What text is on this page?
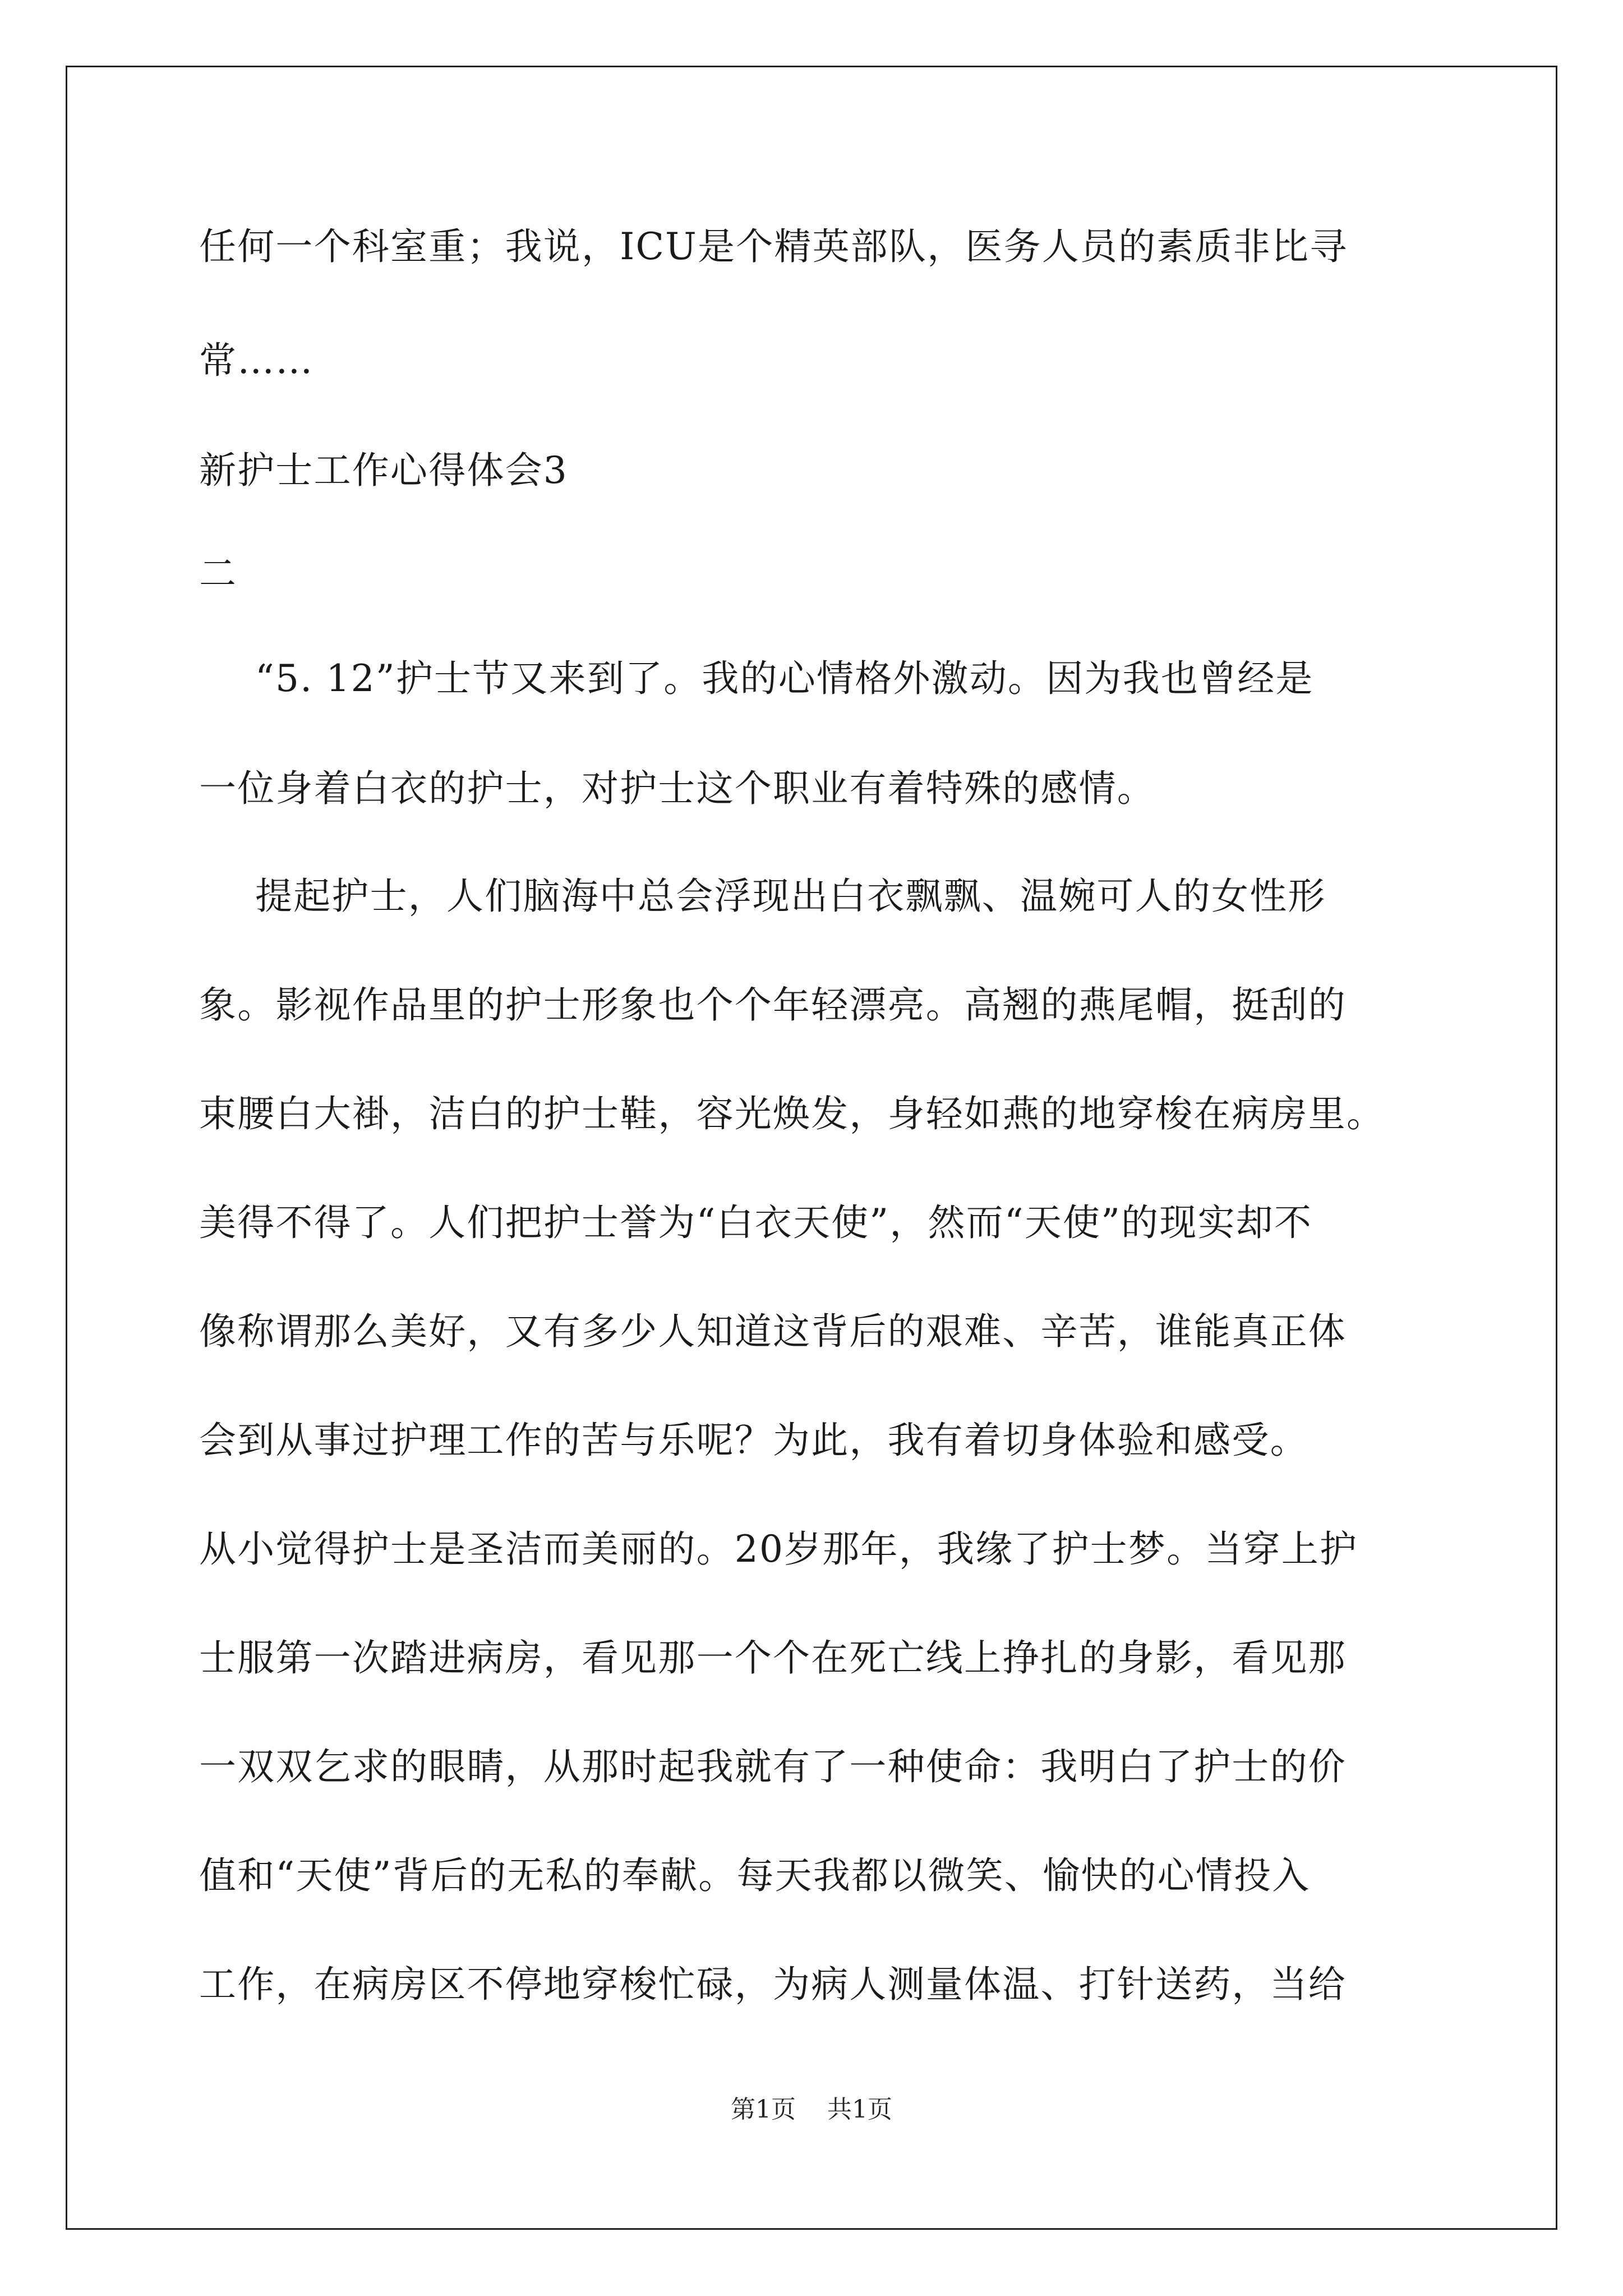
任何一个科室重；我说，ICU是个精英部队，医务人员的素质非比寻
常……
新护士工作心得体会3
二
“5. 12”护士节又来到了。我的心情格外激动。因为我也曾经是
一位身着白衣的护士，对护士这个职业有着特殊的感情。
提起护士，人们脑海中总会浮现出白衣飘飘、温婉可人的女性形
象。影视作品里的护士形象也个个年轻漂亮。高翘的燕尾帽，挺刮的
束腰白大褂，洁白的护士鞋，容光焕发，身轻如燕的地穿梭在病房里。
美得不得了。人们把护士誉为“白衣天使”，然而“天使”的现实却不
像称谓那么美好，又有多少人知道这背后的艰难、辛苦，谁能真正体
会到从事过护理工作的苦与乐呢？为此，我有着切身体验和感受。
从小觉得护士是圣洁而美丽的。20岁那年，我缘了护士梦。当穿上护
士服第一次踏进病房，看见那一个个在死亡线上挣扎的身影，看见那
一双双乞求的眼睛，从那时起我就有了一种使命：我明白了护士的价
值和“天使”背后的无私的奉献。每天我都以微笑、愉快的心情投入
工作，在病房区不停地穿梭忙碌，为病人测量体温、打针送药，当给
第1页    共1页
